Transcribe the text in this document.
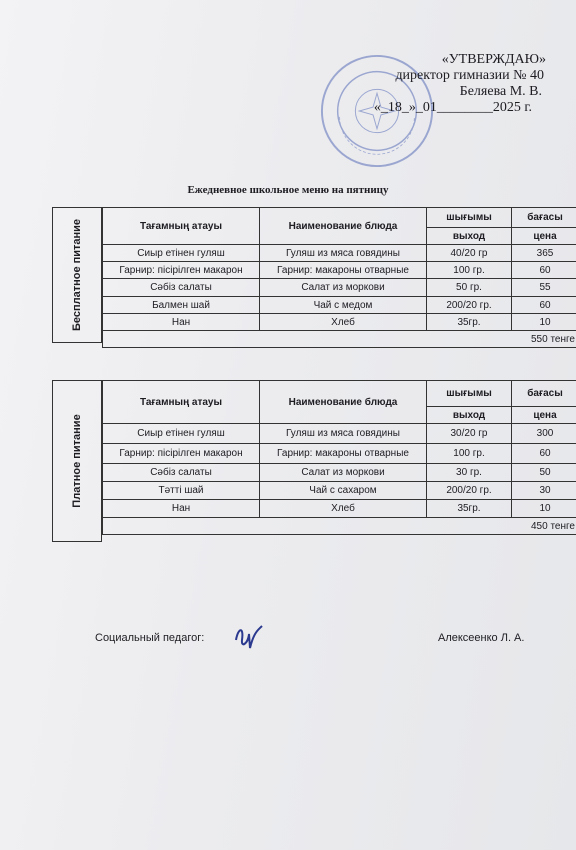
«УТВЕРЖДАЮ»
директор гимназии № 40
Беляева М. В.
«_18_»_01________2025 г.
Ежедневное школьное меню на пятницу
Бесплатное питание	Тағамның атауы	Наименование блюда	шығымы	бағасы
		выход	цена
Сиыр етінен гуляш	Гуляш из мяса говядины	40/20 гр	365
Гарнир: пісірілген макарон	Гарнир: макароны отварные	100 гр.	60
Сәбіз салаты	Салат из моркови	50 гр.	55
Балмен шай	Чай с медом	200/20 гр.	60
Нан	Хлеб	35гр.	10
550 тенге			
Платное питание
Тағамның атауы	Наименование блюда	шығымы	бағасы
		выход	цена
Сиыр етінен гуляш	Гуляш из мяса говядины	30/20 гр	300
Гарнир: пісірілген макарон	Гарнир: макароны отварные	100 гр.	60
Сәбіз салаты	Салат из моркови	30 гр.	50
Тәтті шай	Чай с сахаром	200/20 гр.	30
Нан	Хлеб	35гр.	10
450 тенге			
Социальный педагог:	Алексеенко Л. А.
